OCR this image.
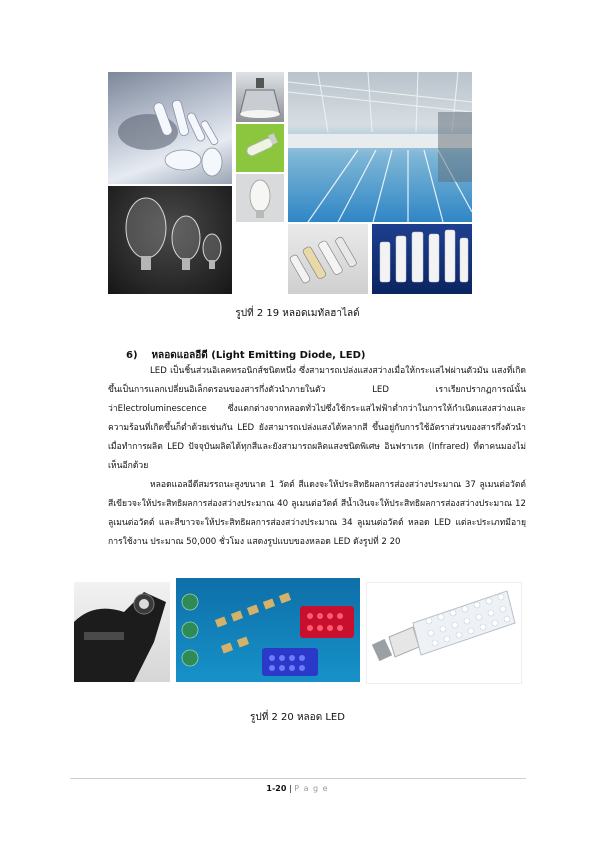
รูปที่ 2 19 หลอดเมทัลฮาไลด์
6) หลอดแอลอีดี (Light Emitting Diode, LED)
LED เป็นชิ้นส่วนอิเลคทรอนิกส์ชนิดหนึ่ง ซึ่งสามารถเปล่งแสงสว่างเมื่อให้กระแสไฟผ่านตัวมัน แสงที่เกิดขึ้นเป็นการแลกเปลี่ยนอิเล็กตรอนของสารกึ่งตัวนำภายในตัว LED เราเรียกปรากฏการณ์นั้นว่าElectroluminescence ซึ่งแตกต่างจากหลอดทั่วไปซึ่งใช้กระแสไฟฟ้าต่ำกว่าในการให้กำเนิดแสงสว่างและความร้อนที่เกิดขึ้นก็ต่ำด้วยเช่นกัน LED ยังสามารถเปล่งแสงได้หลากสี ขึ้นอยู่กับการใช้อัตราส่วนของสารกึ่งตัวนำเมื่อทำการผลิต LED ปัจจุบันผลิตได้ทุกสีและยังสามารถผลิตแสงชนิดพิเศษ อินฟราเรด (Infrared) ที่ตาคนมองไม่เห็นอีกด้วย
หลอดแอลอีดีสมรรถนะสูงขนาด 1 วัตต์ สีแดงจะให้ประสิทธิผลการส่องสว่างประมาณ 37 ลูเมนต่อวัตต์ สีเขียวจะให้ประสิทธิผลการส่องสว่างประมาณ 40 ลูเมนต่อวัตต์ สีน้ำเงินจะให้ประสิทธิผลการส่องสว่างประมาณ 12 ลูเมนต่อวัตต์ และสีขาวจะให้ประสิทธิผลการส่องสว่างประมาณ 34 ลูเมนต่อวัตต์ หลอด LED แต่ละประเภทมีอายุการใช้งาน ประมาณ 50,000 ชั่วโมง แสดงรูปแบบของหลอด LED ดังรูปที่ 2 20
รูปที่ 2 20 หลอด LED
1-20 | P a g e
